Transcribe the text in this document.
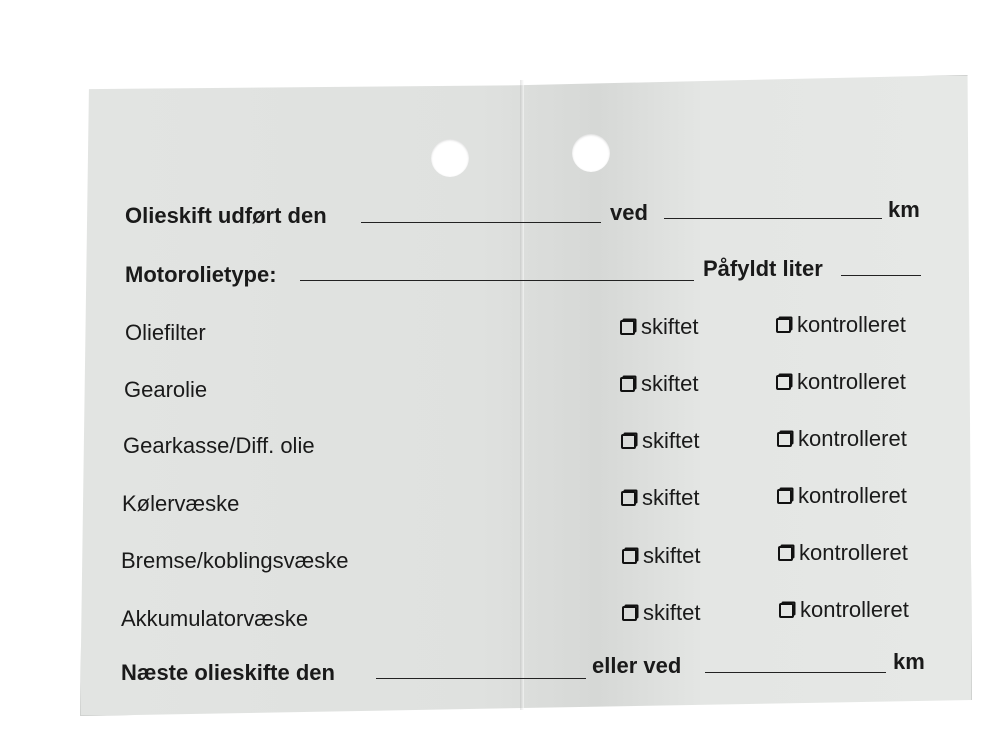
Olieskift udført den	ved	km
Motorolietype:	Påfyldt liter
Oliefilter	skiftet	kontrolleret
Gearolie	skiftet	kontrolleret
Gearkasse/Diff. olie	skiftet	kontrolleret
Kølervæske	skiftet	kontrolleret
Bremse/koblingsvæske	skiftet	kontrolleret
Akkumulatorvæske	skiftet	kontrolleret
Næste olieskifte den	eller ved	km
